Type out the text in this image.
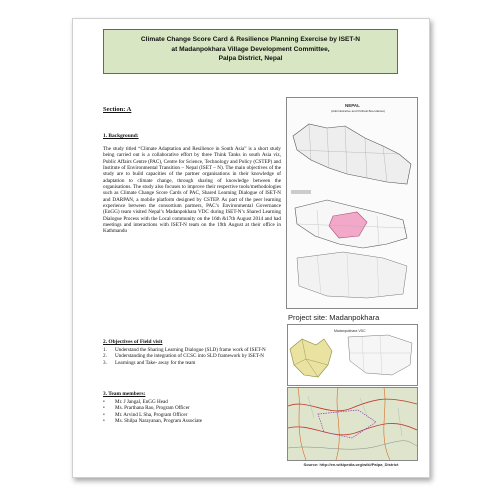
Climate Change Score Card & Resilience Planning Exercise by ISET-N
at Madanpokhara Village Development Committee,
Palpa District, Nepal
Section: A
1. Background:
The study titled “Climate Adaptation and Resilience in South Asia” is a short study being carried out is a collaborative effort by three Think Tanks in south Asia viz, Public Affairs Centre (PAC), Centre for Science, Technology and Policy (CSTEP) and Institute of Environmental Transition – Nepal (ISET – N). The main objectives of the study are to build capacities of the partner organisations in their knowledge of adaptation to climate change, through sharing of knowledge between the organisations. The study also focuses to improve their respective tools/methodologies such as Climate Change Score Cards of PAC, Shared Learning Dialogue of ISET-N and DARPAN, a mobile platform designed by CSTEP. As part of the peer learning experience between the consortium partners, PAC’s Environmental Governance (EnGG) team visited Nepal’s Madanpokhara VDC during ISET-N’s Shared Learning Dialogue Process with the Local community on the 16th &17th August 2014 and had meetings and interactions with ISET-N team on the 19th August at their office in Kathmandu
2. Objectives of Field visit
1.	Understand the Sharing Learning Dialogue (SLD) frame work of ISET-N
2.	Understanding the integration of CCSC into SLD framework by ISET-N
3.	Learnings and Take- away for the team
3. Team members:
•	Mr. J Jangal, EnGG Head
•	Ms. Prarthana Rao, Program Officer
•	Mr. Arvind L Sha, Program Officer
•	Ms. Shilpa Narayanan, Program Associate
NEPAL
(Administrative and Political Boundaries)
Project site: Madanpokhara
Madanpokhara VDC
Source: http://en.wikipedia.org/wiki/Palpa_District
